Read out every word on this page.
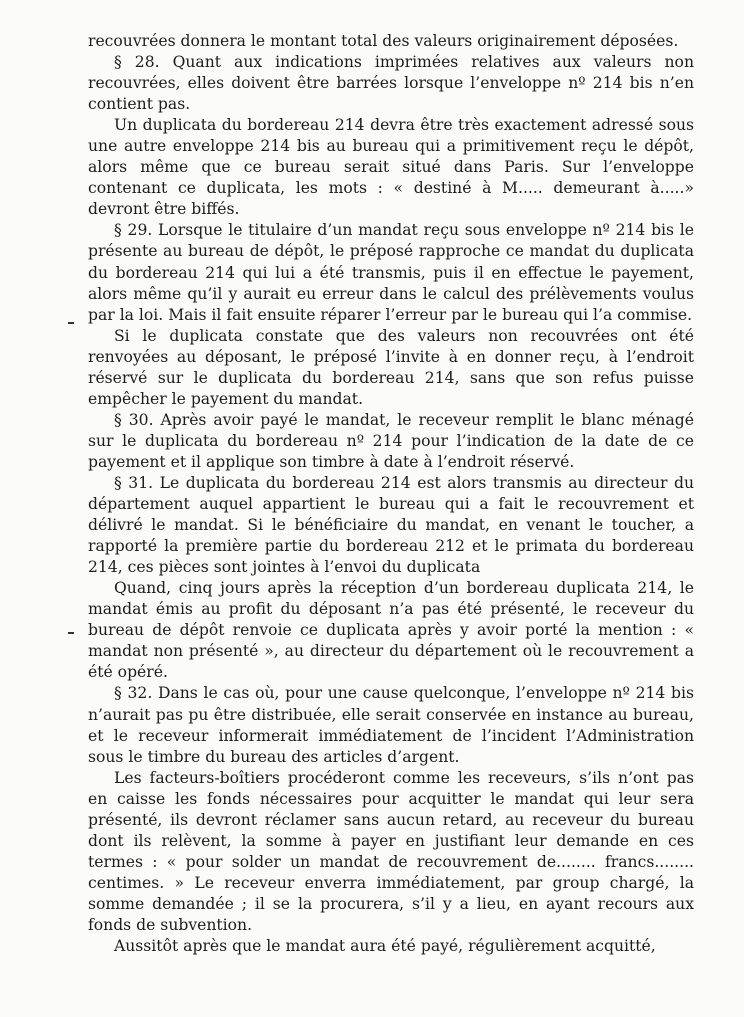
recouvrées donnera le montant total des valeurs originairement déposées.

§ 28. Quant aux indications imprimées relatives aux valeurs non recouvrées, elles doivent être barrées lorsque l’enveloppe nº 214 bis n’en contient pas.

Un duplicata du bordereau 214 devra être très exactement adressé sous une autre enveloppe 214 bis au bureau qui a primitivement reçu le dépôt, alors même que ce bureau serait situé dans Paris. Sur l’enveloppe contenant ce duplicata, les mots : « destiné à M..... demeurant à.....» devront être biffés.

§ 29. Lorsque le titulaire d’un mandat reçu sous enveloppe nº 214 bis le présente au bureau de dépôt, le préposé rapproche ce mandat du duplicata du bordereau 214 qui lui a été transmis, puis il en effectue le payement, alors même qu’il y aurait eu erreur dans le calcul des prélèvements voulus par la loi. Mais il fait ensuite réparer l’erreur par le bureau qui l’a commise.

Si le duplicata constate que des valeurs non recouvrées ont été renvoyées au déposant, le préposé l’invite à en donner reçu, à l’endroit réservé sur le duplicata du bordereau 214, sans que son refus puisse empêcher le payement du mandat.

§ 30. Après avoir payé le mandat, le receveur remplit le blanc ménagé sur le duplicata du bordereau nº 214 pour l’indication de la date de ce payement et il applique son timbre à date à l’endroit réservé.

§ 31. Le duplicata du bordereau 214 est alors transmis au directeur du département auquel appartient le bureau qui a fait le recouvrement et délivré le mandat. Si le bénéficiaire du mandat, en venant le toucher, a rapporté la première partie du bordereau 212 et le primata du bordereau 214, ces pièces sont jointes à l’envoi du duplicata

Quand, cinq jours après la réception d’un bordereau duplicata 214, le mandat émis au profit du déposant n’a pas été présenté, le receveur du bureau de dépôt renvoie ce duplicata après y avoir porté la mention : « mandat non présenté », au directeur du département où le recouvrement a été opéré.

§ 32. Dans le cas où, pour une cause quelconque, l’enveloppe nº 214 bis n’aurait pas pu être distribuée, elle serait conservée en instance au bureau, et le receveur informerait immédiatement de l’incident l’Administration sous le timbre du bureau des articles d’argent.

Les facteurs-boîtiers procéderont comme les receveurs, s’ils n’ont pas en caisse les fonds nécessaires pour acquitter le mandat qui leur sera présenté, ils devront réclamer sans aucun retard, au receveur du bureau dont ils relèvent, la somme à payer en justifiant leur demande en ces termes : « pour solder un mandat de recouvrement de........ francs........ centimes. » Le receveur enverra immédiatement, par group chargé, la somme demandée ; il se la procurera, s’il y a lieu, en ayant recours aux fonds de subvention.

Aussitôt après que le mandat aura été payé, régulièrement acquitté,
